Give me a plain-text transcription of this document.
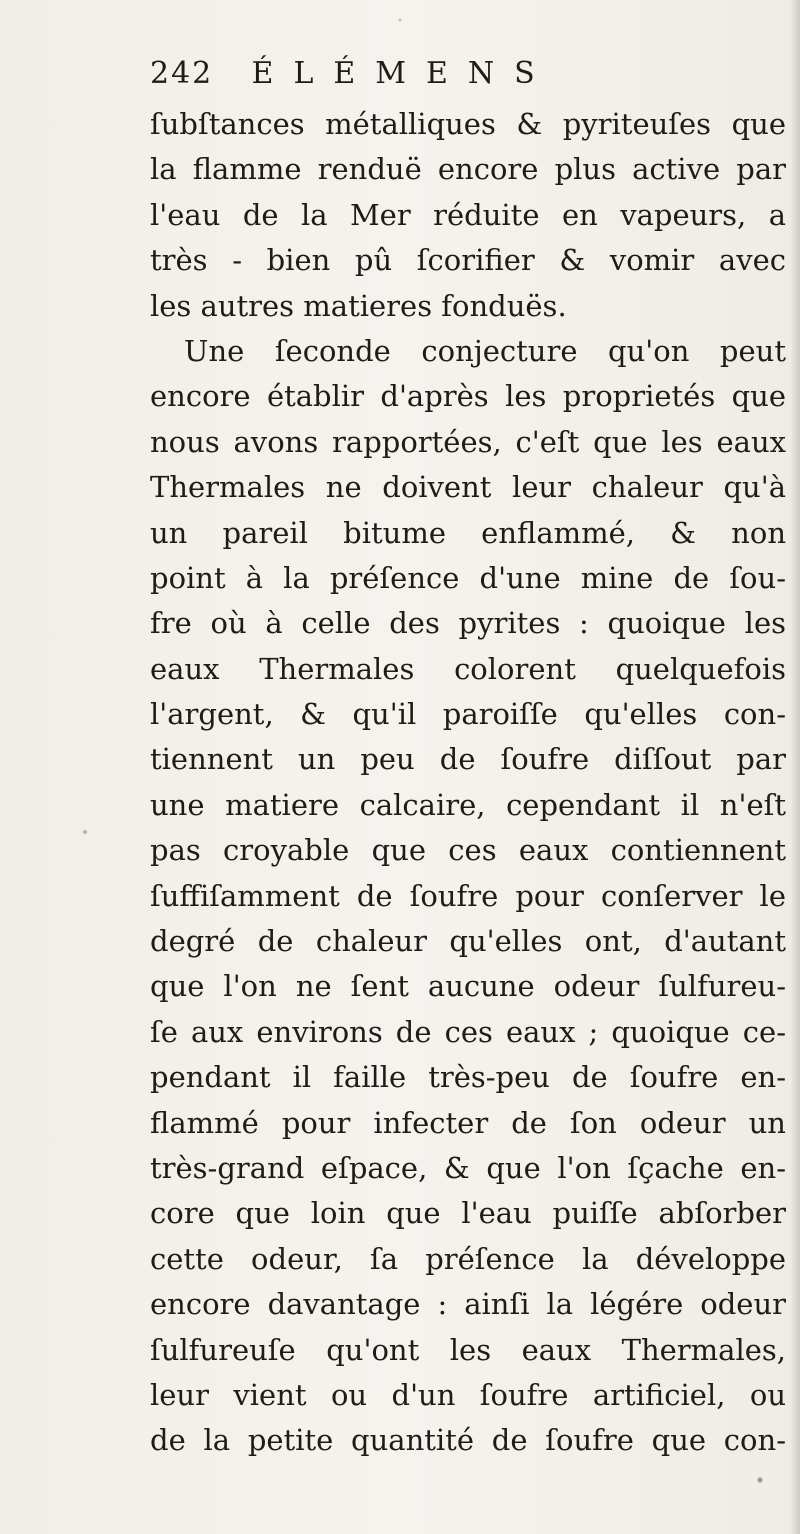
242 ÉLÉMENS
ſubſtances métalliques & pyriteuſes que
la flamme renduë encore plus active par
l'eau de la Mer réduite en vapeurs, a
très - bien pû ſcorifier & vomir avec
les autres matieres fonduës.
Une ſeconde conjecture qu'on peut
encore établir d'après les proprietés que
nous avons rapportées, c'eſt que les eaux
Thermales ne doivent leur chaleur qu'à
un pareil bitume enflammé, & non
point à la préſence d'une mine de ſou-
fre où à celle des pyrites : quoique les
eaux Thermales colorent quelquefois
l'argent, & qu'il paroiſſe qu'elles con-
tiennent un peu de ſoufre diſſout par
une matiere calcaire, cependant il n'eſt
pas croyable que ces eaux contiennent
ſuffiſamment de ſoufre pour conſerver le
degré de chaleur qu'elles ont, d'autant
que l'on ne ſent aucune odeur ſulfureu-
ſe aux environs de ces eaux ; quoique ce-
pendant il faille très-peu de ſoufre en-
flammé pour infecter de ſon odeur un
très-grand eſpace, & que l'on ſçache en-
core que loin que l'eau puiſſe abſorber
cette odeur, ſa préſence la développe
encore davantage : ainſi la légére odeur
ſulfureuſe qu'ont les eaux Thermales,
leur vient ou d'un ſoufre artificiel, ou
de la petite quantité de ſoufre que con-
